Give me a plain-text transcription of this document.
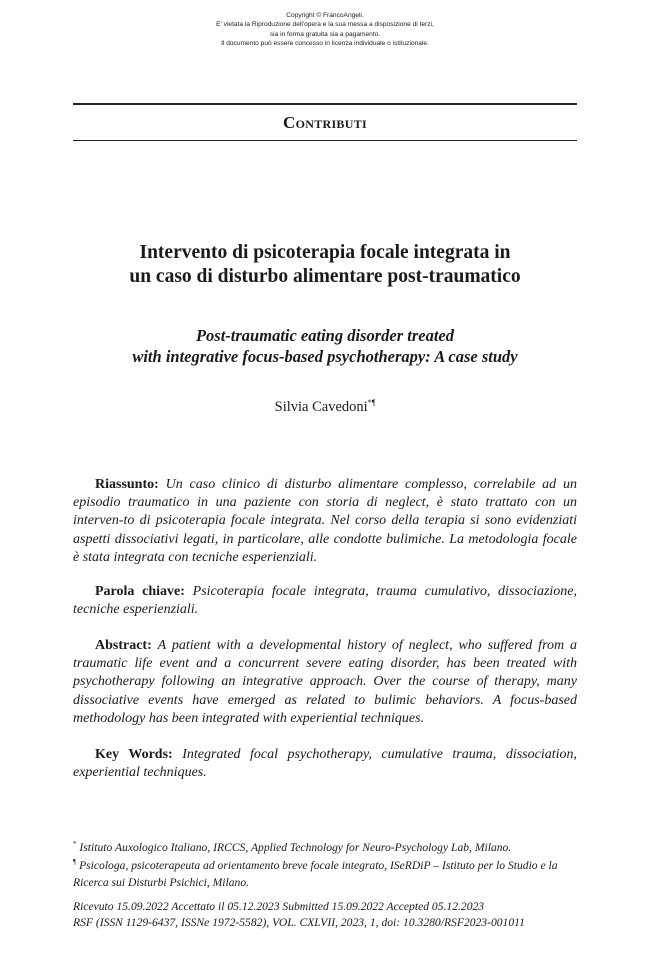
Copyright © FrancoAngeli.
E' vietata la Riproduzione dell'opera e la sua messa a disposizione di terzi,
sia in forma gratuita sia a pagamento.
Il documento può essere concesso in licenza individuale o istituzionale.
Contributi
Intervento di psicoterapia focale integrata in
un caso di disturbo alimentare post-traumatico
Post-traumatic eating disorder treated
with integrative focus-based psychotherapy: A case study
Silvia Cavedoni*¶
Riassunto: Un caso clinico di disturbo alimentare complesso, correlabile ad un episodio traumatico in una paziente con storia di neglect, è stato trattato con un interven-to di psicoterapia focale integrata. Nel corso della terapia si sono evidenziati aspetti dissociativi legati, in particolare, alle condotte bulimiche. La metodologia focale è stata integrata con tecniche esperienziali.
Parola chiave: Psicoterapia focale integrata, trauma cumulativo, dissociazione, tecniche esperienziali.
Abstract: A patient with a developmental history of neglect, who suffered from a traumatic life event and a concurrent severe eating disorder, has been treated with psychotherapy following an integrative approach. Over the course of therapy, many dissociative events have emerged as related to bulimic behaviors. A focus-based methodology has been integrated with experiential techniques.
Key Words: Integrated focal psychotherapy, cumulative trauma, dissociation, experiential techniques.
* Istituto Auxologico Italiano, IRCCS, Applied Technology for Neuro-Psychology Lab, Milano.
¶ Psicologa, psicoterapeuta ad orientamento breve focale integrato, ISeRDiP – Istituto per lo Studio e la Ricerca sui Disturbi Psichici, Milano.
Ricevuto 15.09.2022 Accettato il 05.12.2023 Submitted 15.09.2022 Accepted 05.12.2023
RSF (ISSN 1129-6437, ISSNe 1972-5582), VOL. CXLVII, 2023, 1, doi: 10.3280/RSF2023-001011
